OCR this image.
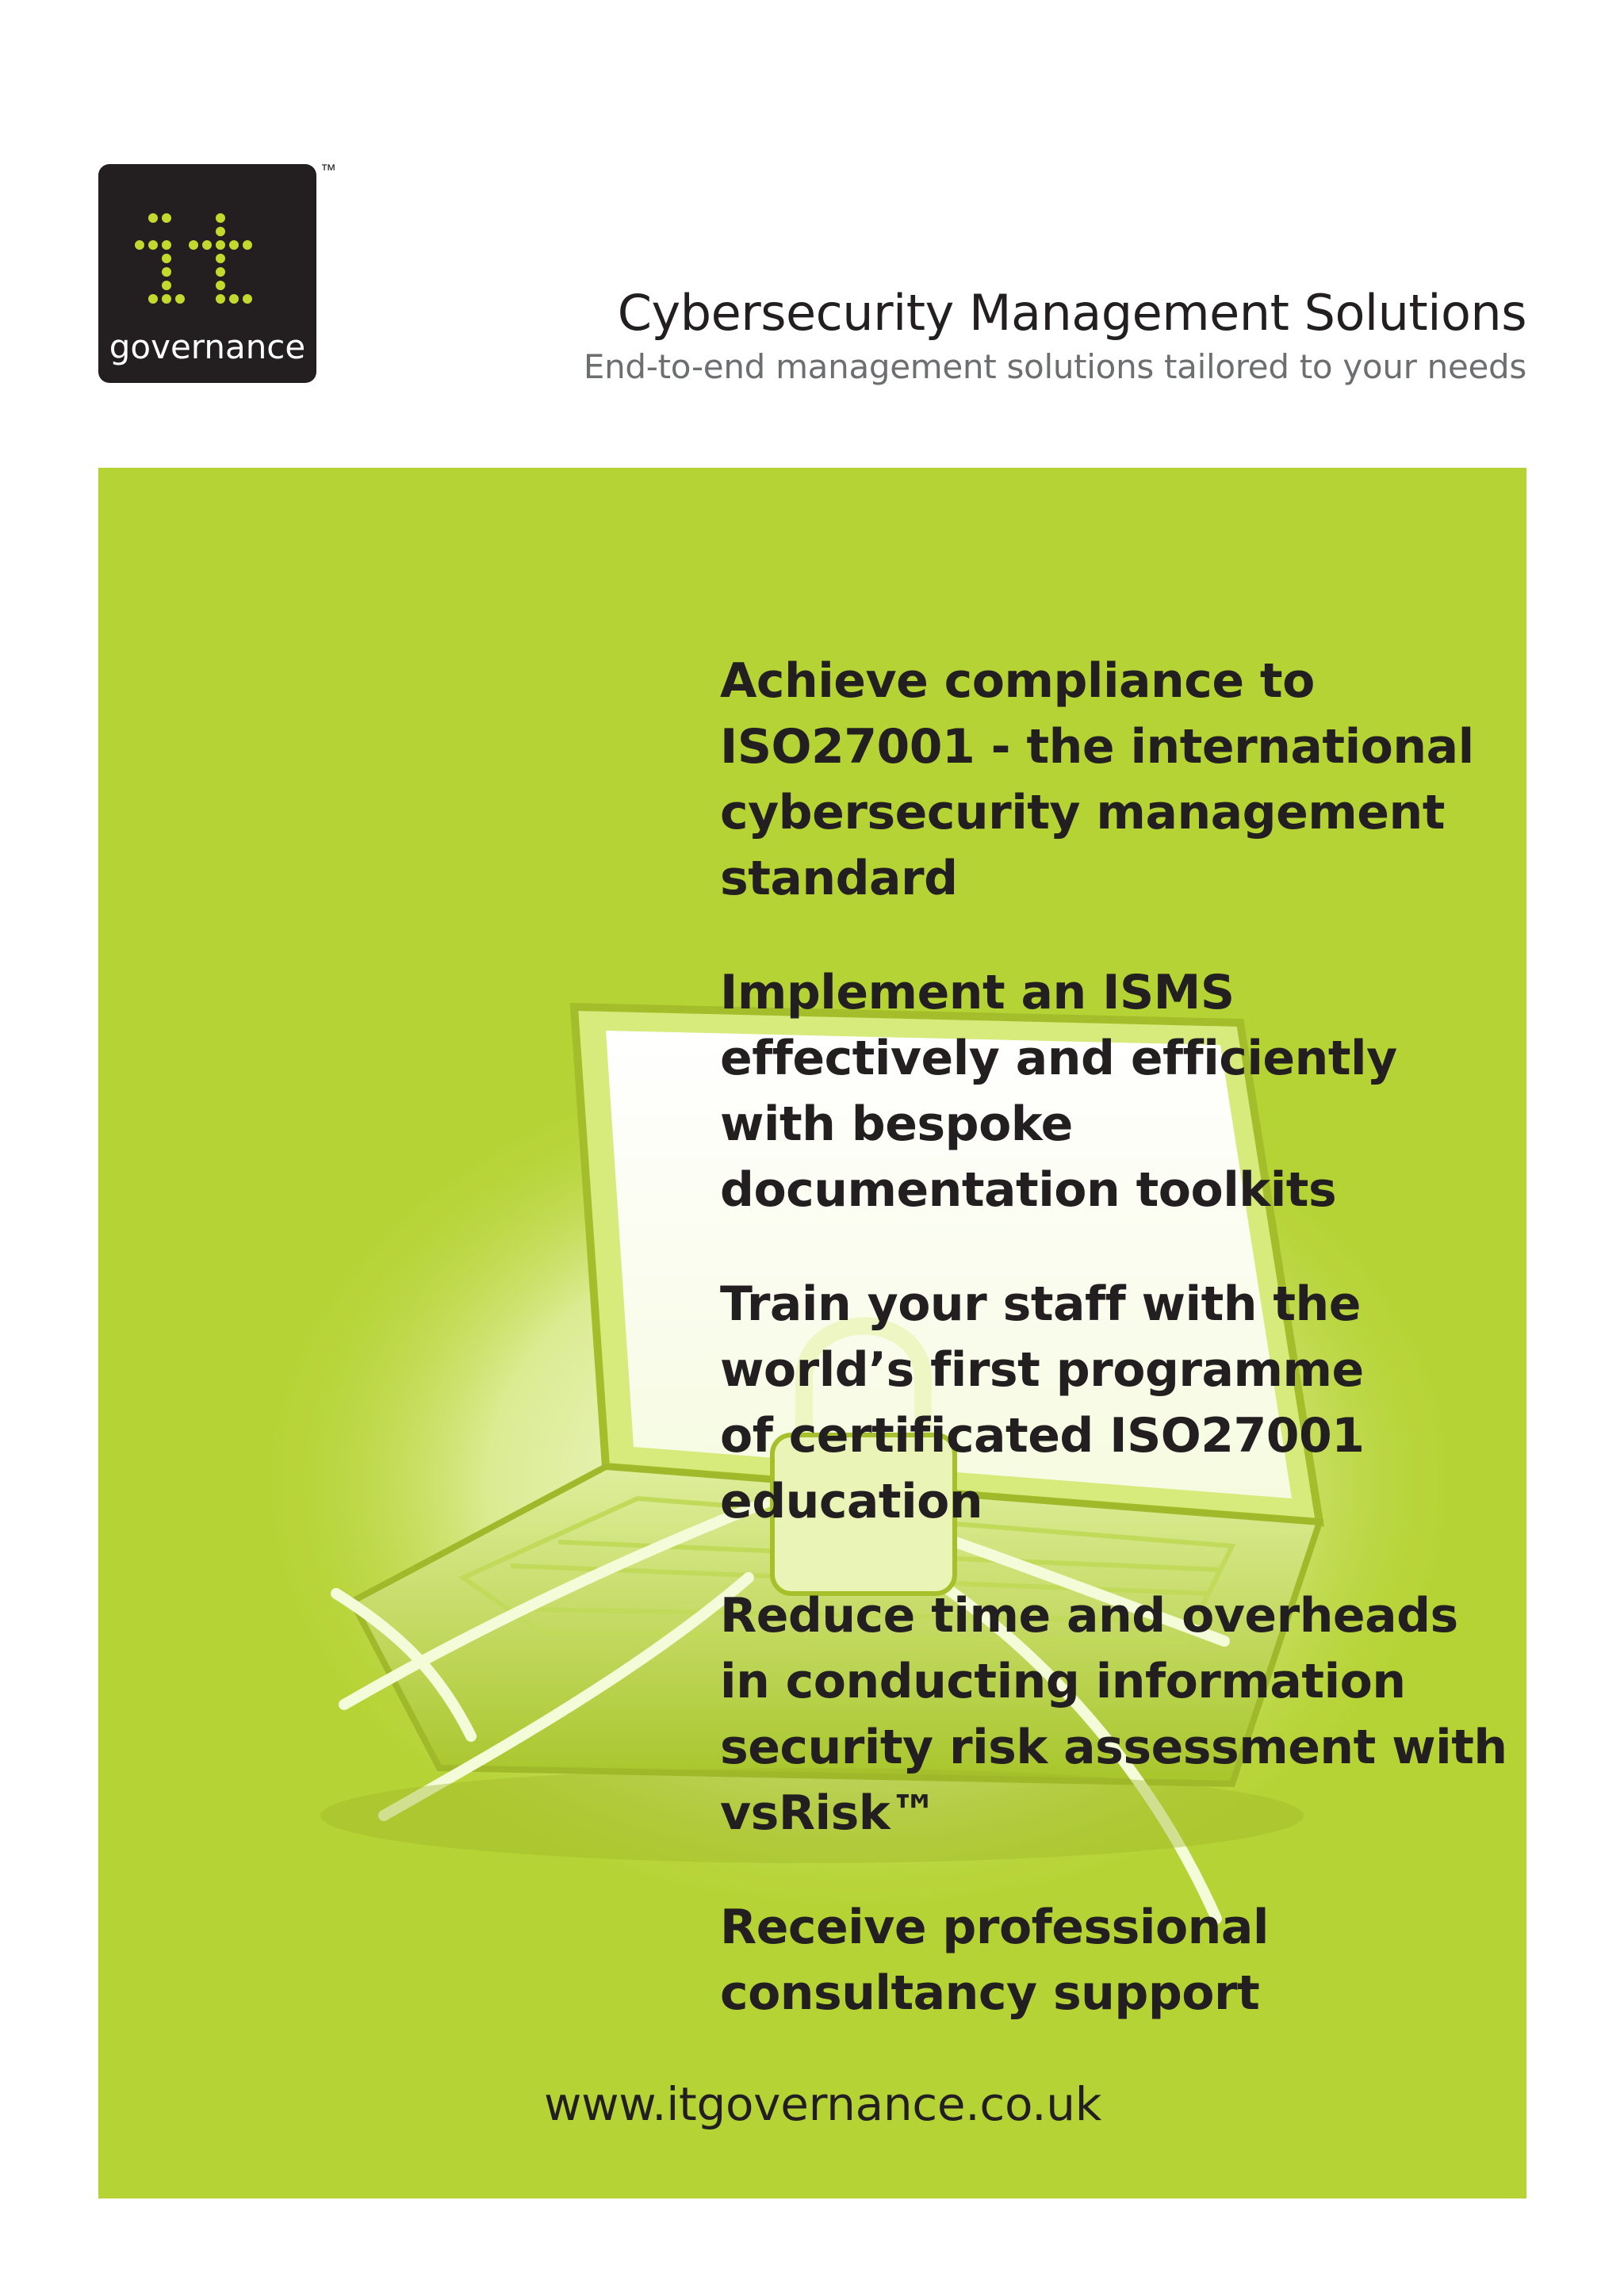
governance
™
Cybersecurity Management Solutions
End-to-end management solutions tailored to your needs

Achieve compliance to
ISO27001 - the international
cybersecurity management
standard

Implement an ISMS
effectively and efficiently
with bespoke
documentation toolkits

Train your staff with the
world’s first programme
of certificated ISO27001
education

Reduce time and overheads
in conducting information
security risk assessment with
vsRisk™

Receive professional
consultancy support

www.itgovernance.co.uk
